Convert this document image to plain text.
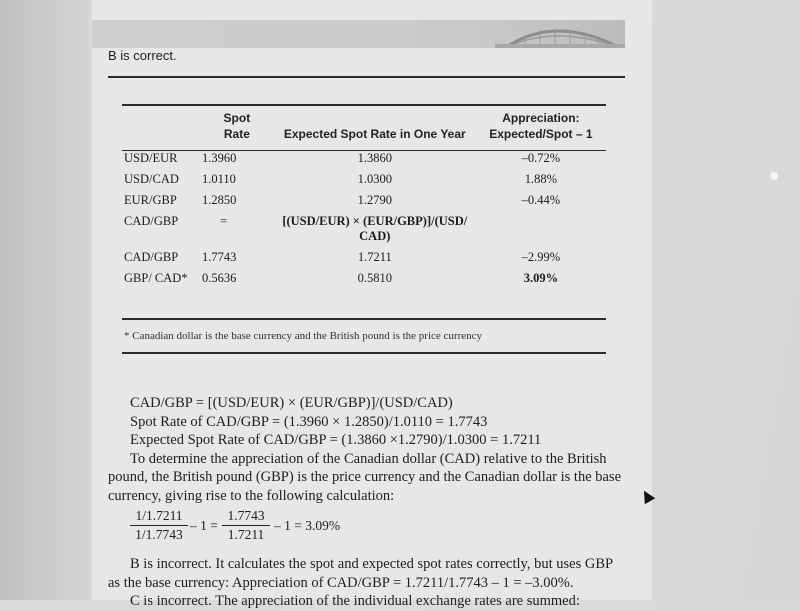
B is correct.
	Spot
Rate	Expected Spot Rate in One Year	Appreciation:
Expected/Spot – 1
USD/EUR	1.3960	1.3860	–0.72%
USD/CAD	1.0110	1.0300	1.88%
EUR/GBP	1.2850	1.2790	–0.44%
CAD/GBP	=	[(USD/EUR) × (EUR/GBP)]/(USD/ CAD)	
CAD/GBP	1.7743	1.7211	–2.99%
GBP/ CAD*	0.5636	0.5810	3.09%
* Canadian dollar is the base currency and the British pound is the price currency

CAD/GBP = [(USD/EUR) × (EUR/GBP)]/(USD/CAD)

Spot Rate of CAD/GBP = (1.3960 × 1.2850)/1.0110 = 1.7743

Expected Spot Rate of CAD/GBP = (1.3860 ×1.2790)/1.0300 = 1.7211

To determine the appreciation of the Canadian dollar (CAD) relative to the British pound, the British pound (GBP) is the price currency and the Canadian dollar is the base currency, giving rise to the following calculation:

$\frac{1/1.7211}{1/1.7743} - 1 = \frac{1.7743}{1.7211} - 1 = 3.09\%$

B is incorrect. It calculates the spot and expected spot rates correctly, but uses GBP as the base currency: Appreciation of CAD/GBP = 1.7211/1.7743 – 1 = –3.00%.

C is incorrect. The appreciation of the individual exchange rates are summed:
